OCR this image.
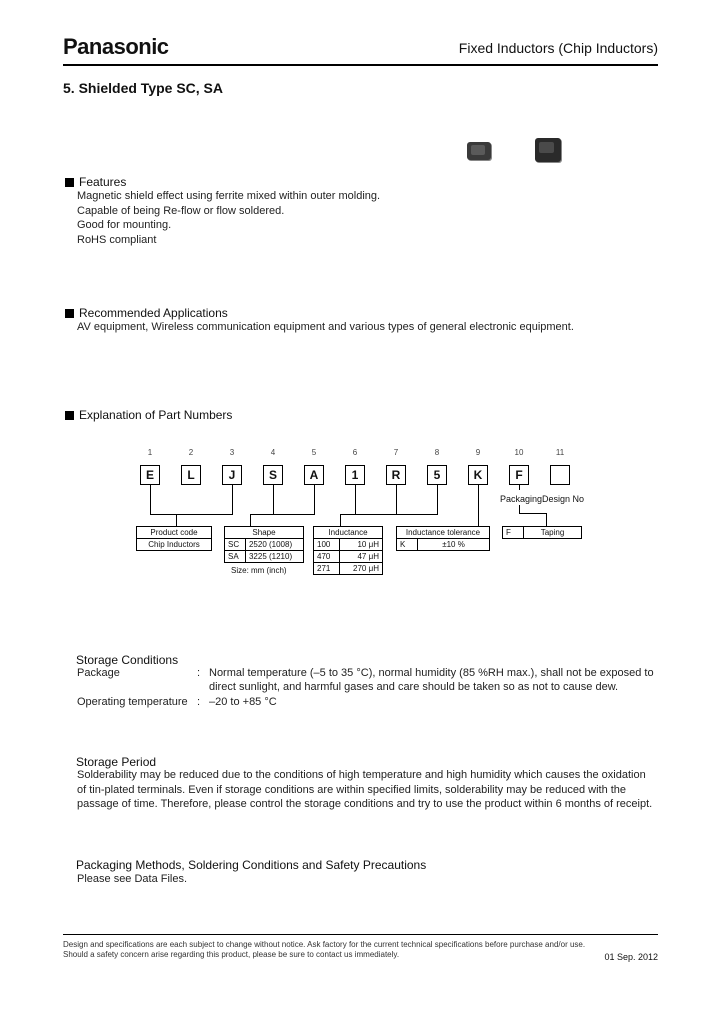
Panasonic	Fixed Inductors (Chip Inductors)
5. Shielded Type SC, SA
Features
Magnetic shield effect using ferrite mixed within outer molding.
Capable of being Re-flow or flow soldered.
Good for mounting.
RoHS compliant
Recommended Applications
AV equipment, Wireless communication equipment and various types of general electronic equipment.
Explanation of Part Numbers
1	2	3	4	5	6	7	8	9	10	11
E	L	J	S	A	1	R	5	K	F
Packaging Design No
Product code
Chip Inductors
Shape	
SC	2520 (1008)
SA	3225 (1210)
Size: mm (inch)
Inductance	
100	10 μH
470	47 μH
271	270 μH
Inductance tolerance
K	±10 %
F	Taping
Storage Conditions
Package	: Normal temperature (–5 to 35 °C), normal humidity (85 %RH max.), shall not be exposed to
direct sunlight, and harmful gases and care should be taken so as not to cause dew.
Operating temperature : –20 to +85 °C
Storage Period
Solderability may be reduced due to the conditions of high temperature and high humidity which causes the oxidation
of tin-plated terminals. Even if storage conditions are within specified limits, solderability may be reduced with the
passage of time. Therefore, please control the storage conditions and try to use the product within 6 months of receipt.
Packaging Methods, Soldering Conditions and Safety Precautions
Please see Data Files.
Design and specifications are each subject to change without notice. Ask factory for the current technical specifications before purchase and/or use.
Should a safety concern arise regarding this product, please be sure to contact us immediately.	01 Sep. 2012
